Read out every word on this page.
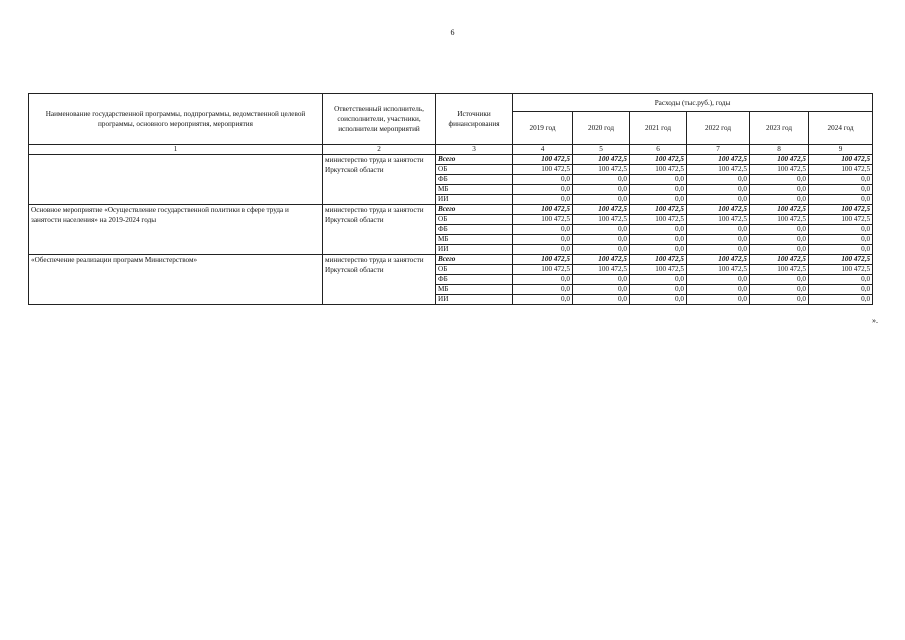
6
Наименование государственной программы, подпрограммы, ведомственной целевой программы, основного мероприятия, мероприятия	Ответственный исполнитель, соисполнители, участники, исполнители мероприятий	Источники финансирования	Расходы (тыс.руб.), годы					
			2019 год	2020 год	2021 год	2022 год	2023 год	2024 год
1	2	3	4	5	6	7	8	9
	министерство труда и занятости Иркутской области	Всего	100 472,5	100 472,5	100 472,5	100 472,5	100 472,5	100 472,5
		ОБ	100 472,5	100 472,5	100 472,5	100 472,5	100 472,5	100 472,5
		ФБ	0,0	0,0	0,0	0,0	0,0	0,0
		МБ	0,0	0,0	0,0	0,0	0,0	0,0
		ИИ	0,0	0,0	0,0	0,0	0,0	0,0
Основное мероприятие «Осуществление государственной политики в сфере труда и занятости населения» на 2019-2024 годы	министерство труда и занятости Иркутской области	Всего	100 472,5	100 472,5	100 472,5	100 472,5	100 472,5	100 472,5
		ОБ	100 472,5	100 472,5	100 472,5	100 472,5	100 472,5	100 472,5
		ФБ	0,0	0,0	0,0	0,0	0,0	0,0
		МБ	0,0	0,0	0,0	0,0	0,0	0,0
		ИИ	0,0	0,0	0,0	0,0	0,0	0,0
«Обеспечение реализации программ Министерством»	министерство труда и занятости Иркутской области	Всего	100 472,5	100 472,5	100 472,5	100 472,5	100 472,5	100 472,5
		ОБ	100 472,5	100 472,5	100 472,5	100 472,5	100 472,5	100 472,5
		ФБ	0,0	0,0	0,0	0,0	0,0	0,0
		МБ	0,0	0,0	0,0	0,0	0,0	0,0
		ИИ	0,0	0,0	0,0	0,0	0,0	0,0
».
